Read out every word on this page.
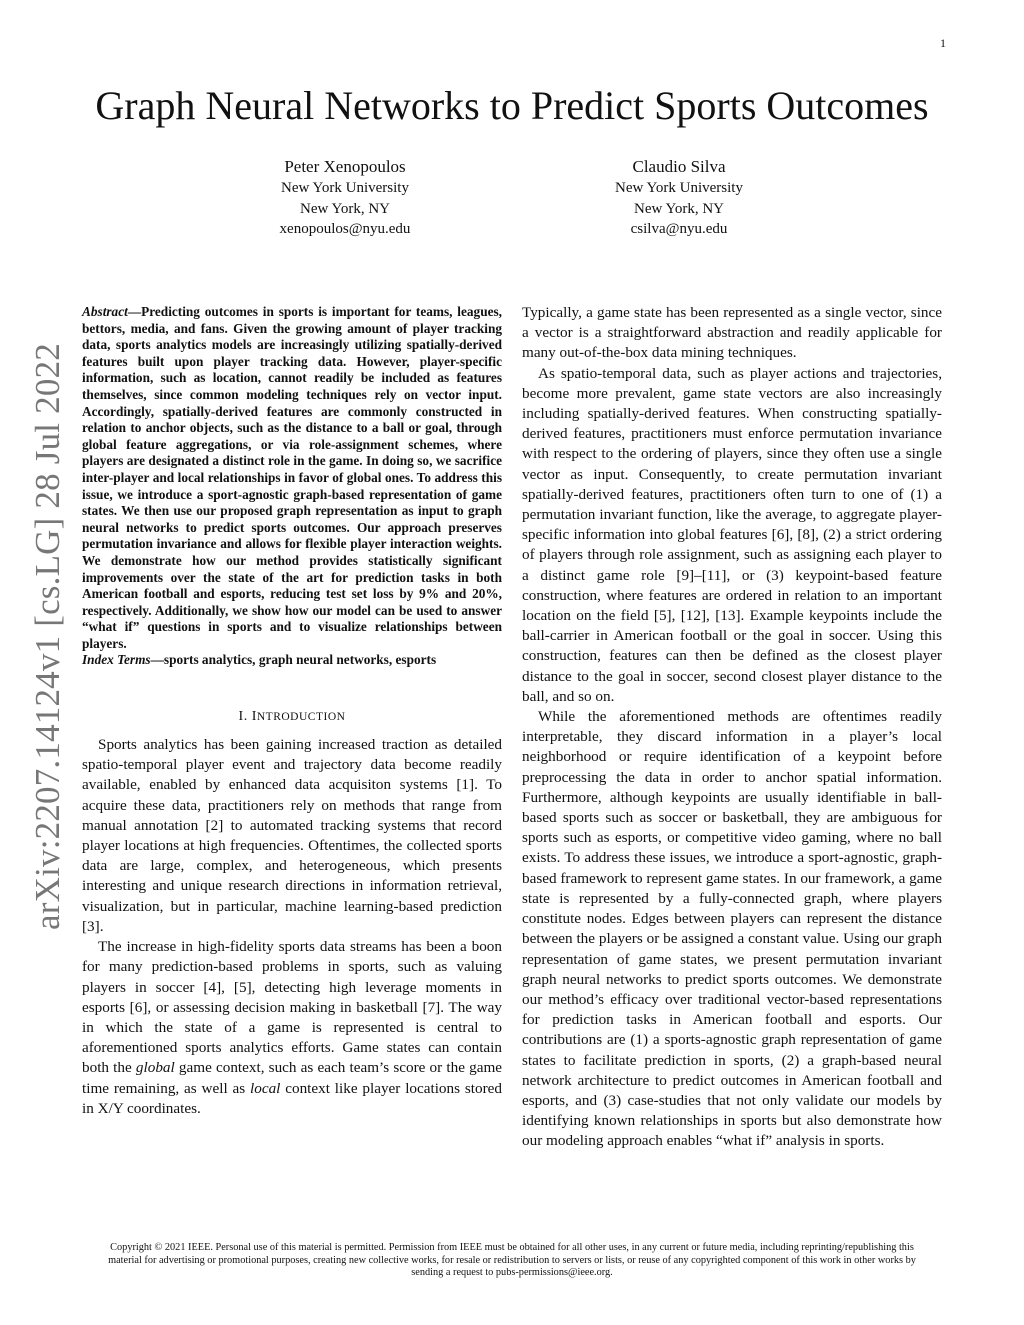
1
arXiv:2207.14124v1 [cs.LG] 28 Jul 2022
Graph Neural Networks to Predict Sports Outcomes
Peter Xenopoulos
New York University
New York, NY
xenopoulos@nyu.edu
Claudio Silva
New York University
New York, NY
csilva@nyu.edu

Abstract—Predicting outcomes in sports is important for teams, leagues, bettors, media, and fans. Given the growing amount of player tracking data, sports analytics models are increasingly utilizing spatially-derived features built upon player tracking data. However, player-specific information, such as location, cannot readily be included as features themselves, since common modeling techniques rely on vector input. Accordingly, spatially-derived features are commonly constructed in relation to anchor objects, such as the distance to a ball or goal, through global feature aggregations, or via role-assignment schemes, where players are designated a distinct role in the game. In doing so, we sacrifice inter-player and local relationships in favor of global ones. To address this issue, we introduce a sport-agnostic graph-based representation of game states. We then use our proposed graph representation as input to graph neural networks to predict sports outcomes. Our approach preserves permutation invariance and allows for flexible player interaction weights. We demonstrate how our method provides statistically significant improvements over the state of the art for prediction tasks in both American football and esports, reducing test set loss by 9% and 20%, respectively. Additionally, we show how our model can be used to answer “what if” questions in sports and to visualize relationships between players.

Index Terms—sports analytics, graph neural networks, esports

I. INTRODUCTION

Sports analytics has been gaining increased traction as detailed spatio-temporal player event and trajectory data become readily available, enabled by enhanced data acquisiton systems [1]. To acquire these data, practitioners rely on methods that range from manual annotation [2] to automated tracking systems that record player locations at high frequencies. Oftentimes, the collected sports data are large, complex, and heterogeneous, which presents interesting and unique research directions in information retrieval, visualization, but in particular, machine learning-based prediction [3].

The increase in high-fidelity sports data streams has been a boon for many prediction-based problems in sports, such as valuing players in soccer [4], [5], detecting high leverage moments in esports [6], or assessing decision making in basketball [7]. The way in which the state of a game is represented is central to aforementioned sports analytics efforts. Game states can contain both the global game context, such as each team’s score or the game time remaining, as well as local context like player locations stored in X/Y coordinates.

Typically, a game state has been represented as a single vector, since a vector is a straightforward abstraction and readily applicable for many out-of-the-box data mining techniques.

As spatio-temporal data, such as player actions and trajectories, become more prevalent, game state vectors are also increasingly including spatially-derived features. When constructing spatially-derived features, practitioners must enforce permutation invariance with respect to the ordering of players, since they often use a single vector as input. Consequently, to create permutation invariant spatially-derived features, practitioners often turn to one of (1) a permutation invariant function, like the average, to aggregate player-specific information into global features [6], [8], (2) a strict ordering of players through role assignment, such as assigning each player to a distinct game role [9]–[11], or (3) keypoint-based feature construction, where features are ordered in relation to an important location on the field [5], [12], [13]. Example keypoints include the ball-carrier in American football or the goal in soccer. Using this construction, features can then be defined as the closest player distance to the goal in soccer, second closest player distance to the ball, and so on.

While the aforementioned methods are oftentimes readily interpretable, they discard information in a player’s local neighborhood or require identification of a keypoint before preprocessing the data in order to anchor spatial information. Furthermore, although keypoints are usually identifiable in ball-based sports such as soccer or basketball, they are ambiguous for sports such as esports, or competitive video gaming, where no ball exists. To address these issues, we introduce a sport-agnostic, graph-based framework to represent game states. In our framework, a game state is represented by a fully-connected graph, where players constitute nodes. Edges between players can represent the distance between the players or be assigned a constant value. Using our graph representation of game states, we present permutation invariant graph neural networks to predict sports outcomes. We demonstrate our method’s efficacy over traditional vector-based representations for prediction tasks in American football and esports. Our contributions are (1) a sports-agnostic graph representation of game states to facilitate prediction in sports, (2) a graph-based neural network architecture to predict outcomes in American football and esports, and (3) case-studies that not only validate our models by identifying known relationships in sports but also demonstrate how our modeling approach enables “what if” analysis in sports.

Copyright © 2021 IEEE. Personal use of this material is permitted. Permission from IEEE must be obtained for all other uses, in any current or future media, including reprinting/republishing this material for advertising or promotional purposes, creating new collective works, for resale or redistribution to servers or lists, or reuse of any copyrighted component of this work in other works by sending a request to pubs-permissions@ieee.org.
